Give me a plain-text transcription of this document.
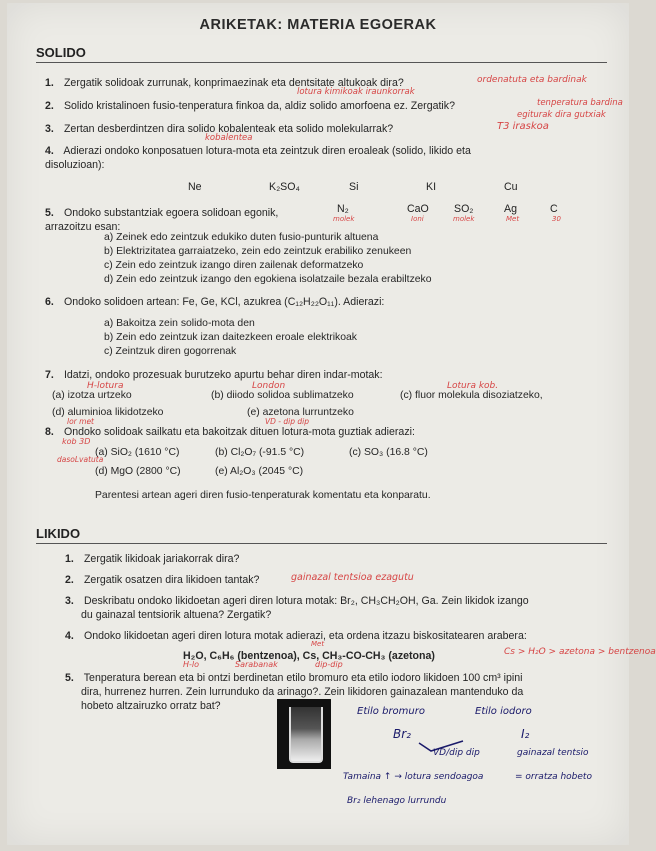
ARIKETAK: MATERIA EGOERAK
SOLIDO
1. Zergatik solidoak zurrunak, konprimaezinak eta dentsitate altukoak dira?	ordenatuta eta bardinak
lotura kimikoak iraunkorrak
2. Solido kristalinoen fusio-tenperatura finkoa da, aldiz solido amorfoena ez. Zergatik?	tenperatura bardina
egiturak dira gutxiak
3. Zertan desberdintzen dira solido kobalenteak eta solido molekularrak?	T3 iraskoa
kobalentea
4. Adierazi ondoko konposatuen lotura-mota eta zeintzuk diren eroaleak (solido, likido eta
disoluzioan):
Ne	K₂SO₄	Si	KI	Cu
5. Ondoko substantziak egoera solidoan egonik,
arrazoitzu esan:
N₂	CaO SO₂	Ag	C
molek	Ioni	molek	Met	30
a) Zeinek edo zeintzuk edukiko duten fusio-punturik altuena
b) Elektrizitatea garraiatzeko, zein edo zeintzuk erabiliko zenukeen
c) Zein edo zeintzuk izango diren zailenak deformatzeko
d) Zein edo zeintzuk izango den egokiena isolatzaile bezala erabiltzeko
6. Ondoko solidoen artean: Fe, Ge, KCl, azukrea (C₁₂H₂₂O₁₁). Adierazi:
a) Bakoitza zein solido-mota den
b) Zein edo zeintzuk izan daitezkeen eroale elektrikoak
c) Zeintzuk diren gogorrenak
7. Idatzi, ondoko prozesuak burutzeko apurtu behar diren indar-motak:
H-lotura	London	Lotura kob.
(a) izotza urtzeko	(b) diiodo solidoa sublimatzeko	(c) fluor molekula disoziatzeko,
(d) aluminioa likidotzeko	(e) azetona lurruntzeko
lor met	VD - dip dip
8. Ondoko solidoak sailkatu eta bakoitzak dituen lotura-mota guztiak adierazi:
kob 3D
dasoLvatuta
(a) SiO₂ (1610 °C)	(b) Cl₂O₇ (-91.5 °C)	(c) SO₃ (16.8 °C)
(d) MgO (2800 °C)	(e) Al₂O₃ (2045 °C)
Parentesi artean ageri diren fusio-tenperaturak komentatu eta konparatu.
LIKIDO
1. Zergatik likidoak jariakorrak dira?
2. Zergatik osatzen dira likidoen tantak?	gainazal tentsioa ezagutu
3. Deskribatu ondoko likidoetan ageri diren lotura motak: Br₂, CH₃CH₂OH, Ga. Zein likidok izango
du gainazal tentsiorik altuena? Zergatik?
4. Ondoko likidoetan ageri diren lotura motak adierazi, eta ordena itzazu biskositatearen arabera:
Met
H₂O, C₆H₆ (bentzenoa), Cs, CH₃-CO-CH₃ (azetona)	Cs > H₂O > azetona > bentzenoa
H-lo	Sarabanak	dip-dip
5. Tenperatura berean eta bi ontzi berdinetan etilo bromuro eta etilo iodoro likidoen 100 cm³ ipini
dira, hurrenez hurren. Zein lurrunduko da arinago?. Zein likidoren gainazalean mantenduko da
hobeto altzairuzko orratz bat?	Etilo bromuro	Etilo iodoro
Br₂	I₂
VD/dip dip	gainazal tentsio
Tamaina ↑ → lotura sendoagoa	= orratza hobeto
Br₂ lehenago lurrundu
